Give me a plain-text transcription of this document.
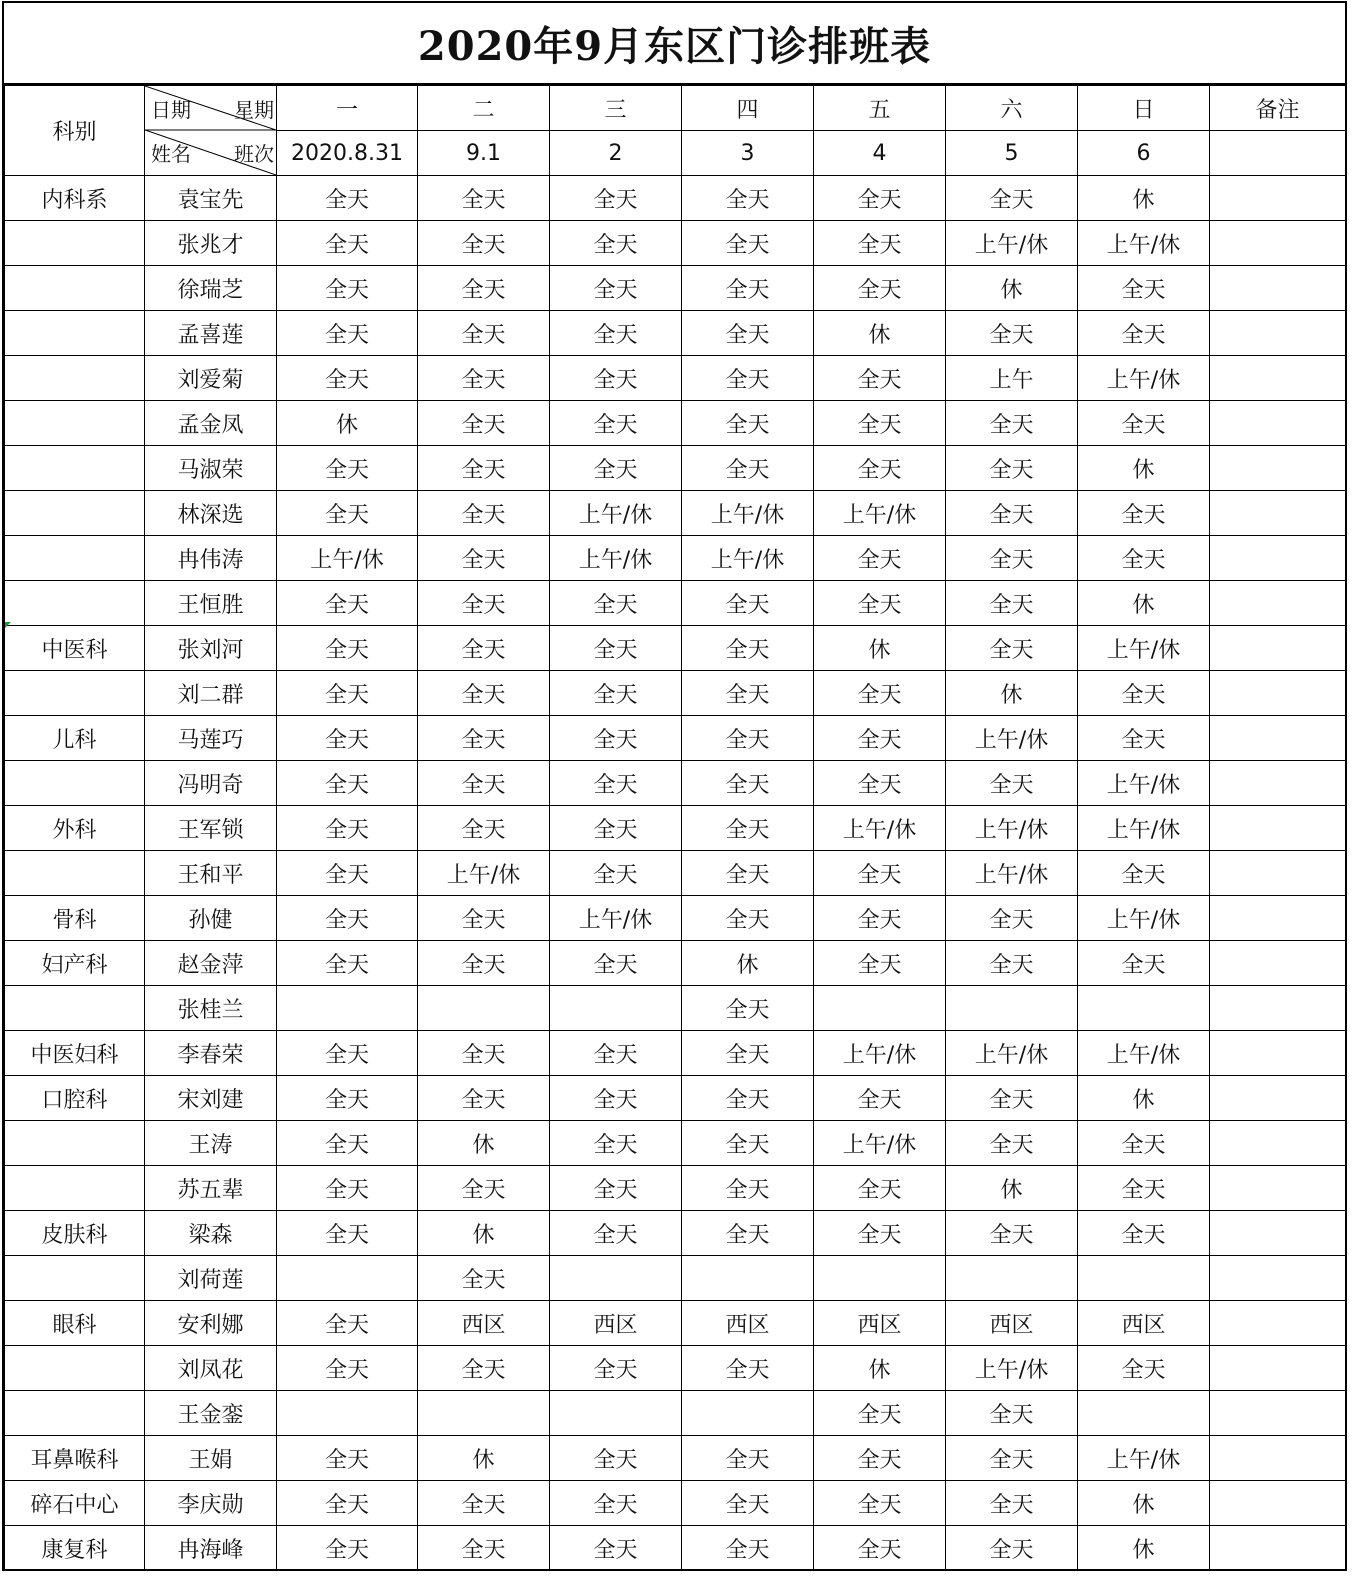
2020年9月东区门诊排班表
科别	日期 星期
姓名 班次	一	二	三	四	五	六	日	备注
		2020.8.31	9.1	2	3	4	5	6	
内科系	袁宝先	全天	全天	全天	全天	全天	全天	休	
	张兆才	全天	全天	全天	全天	全天	上午/休	上午/休	
	徐瑞芝	全天	全天	全天	全天	全天	休	全天	
	孟喜莲	全天	全天	全天	全天	休	全天	全天	
	刘爱菊	全天	全天	全天	全天	全天	上午	上午/休	
	孟金凤	休	全天	全天	全天	全天	全天	全天	
	马淑荣	全天	全天	全天	全天	全天	全天	休	
	林深选	全天	全天	上午/休	上午/休	上午/休	全天	全天	
	冉伟涛	上午/休	全天	上午/休	上午/休	全天	全天	全天	
	王恒胜	全天	全天	全天	全天	全天	全天	休	
中医科	张刘河	全天	全天	全天	全天	休	全天	上午/休	
	刘二群	全天	全天	全天	全天	全天	休	全天	
儿科	马莲巧	全天	全天	全天	全天	全天	上午/休	全天	
	冯明奇	全天	全天	全天	全天	全天	全天	上午/休	
外科	王军锁	全天	全天	全天	全天	上午/休	上午/休	上午/休	
	王和平	全天	上午/休	全天	全天	全天	上午/休	全天	
骨科	孙健	全天	全天	上午/休	全天	全天	全天	上午/休	
妇产科	赵金萍	全天	全天	全天	休	全天	全天	全天	
	张桂兰				全天				
中医妇科	李春荣	全天	全天	全天	全天	上午/休	上午/休	上午/休	
口腔科	宋刘建	全天	全天	全天	全天	全天	全天	休	
	王涛	全天	休	全天	全天	上午/休	全天	全天	
	苏五辈	全天	全天	全天	全天	全天	休	全天	
皮肤科	梁森	全天	休	全天	全天	全天	全天	全天	
	刘荷莲		全天						
眼科	安利娜	全天	西区	西区	西区	西区	西区	西区	
	刘凤花	全天	全天	全天	全天	休	上午/休	全天	
	王金銮					全天	全天		
耳鼻喉科	王娟	全天	休	全天	全天	全天	全天	上午/休	
碎石中心	李庆勋	全天	全天	全天	全天	全天	全天	休	
康复科	冉海峰	全天	全天	全天	全天	全天	全天	休	
